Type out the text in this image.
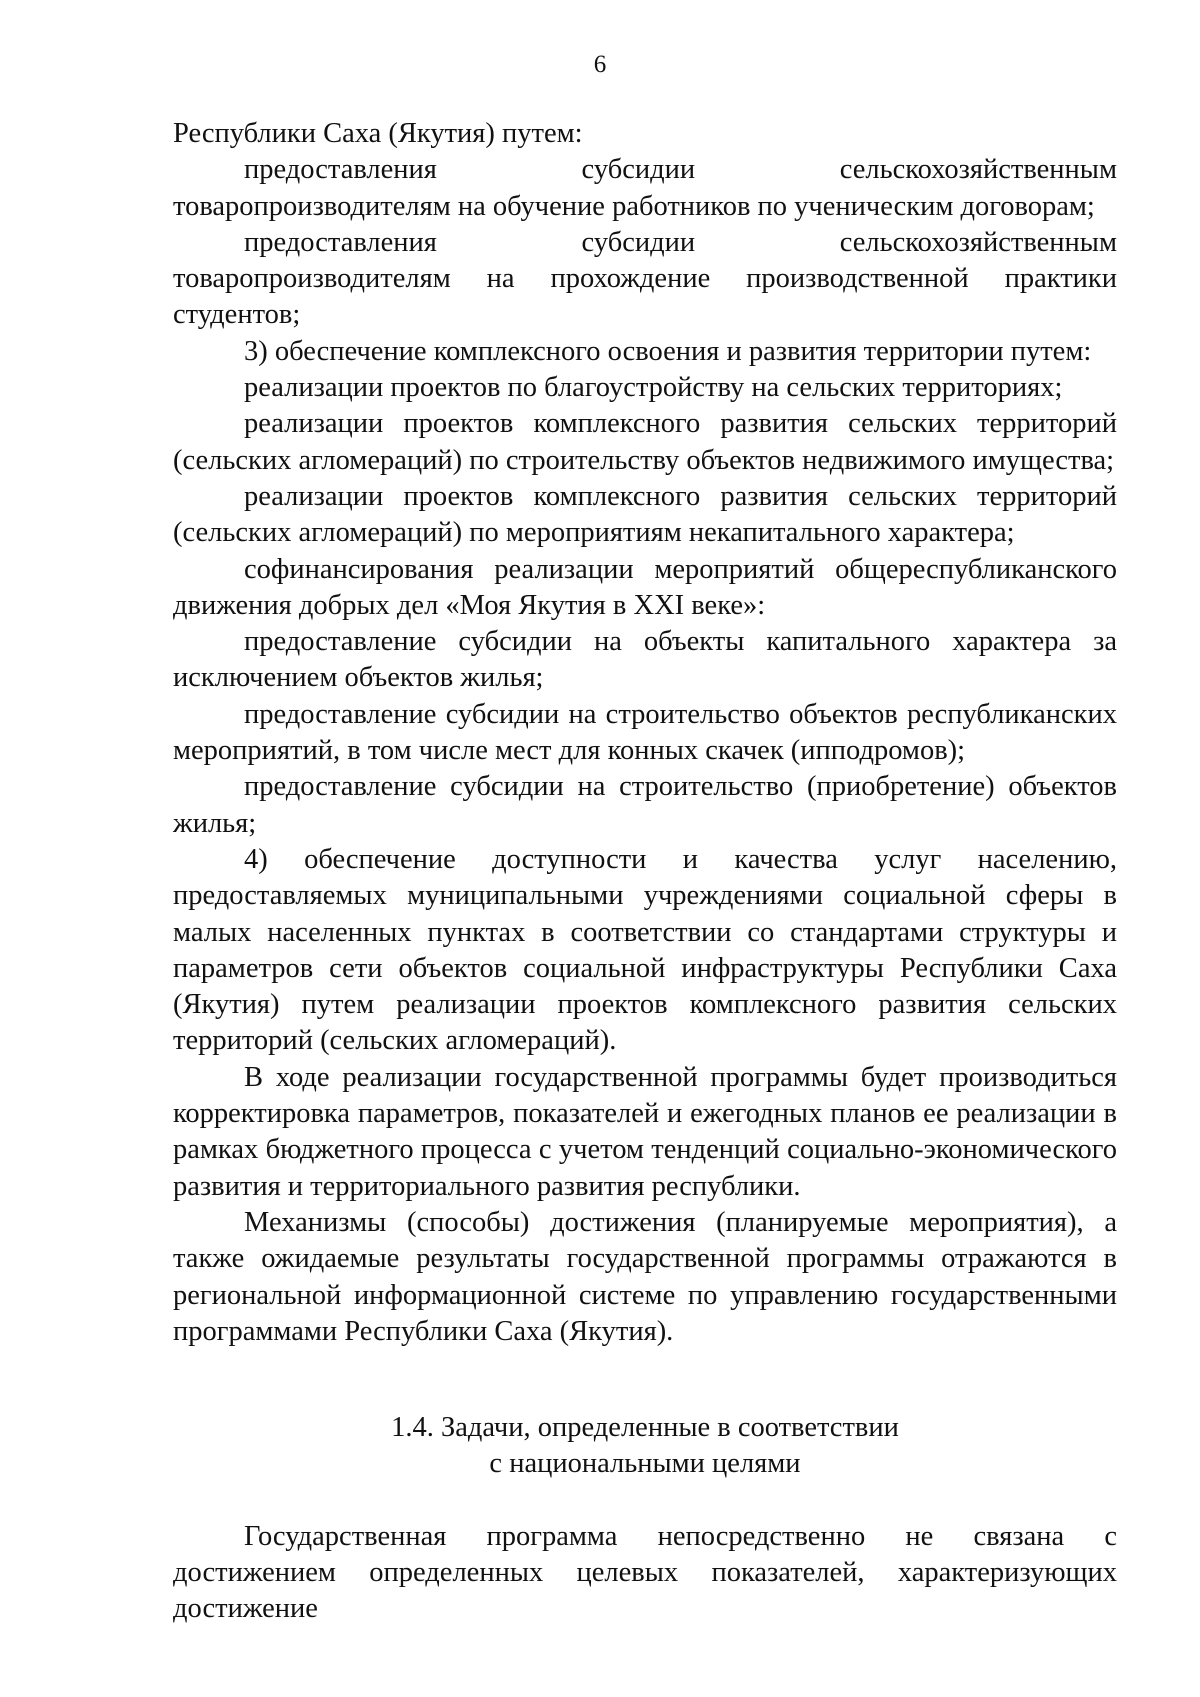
6

Республики Саха (Якутия) путем:

предоставления субсидии сельскохозяйственным товаропроизводителям на обучение работников по ученическим договорам;

предоставления субсидии сельскохозяйственным товаропроизводителям на прохождение производственной практики студентов;

3) обеспечение комплексного освоения и развития территории путем:

реализации проектов по благоустройству на сельских территориях;

реализации проектов комплексного развития сельских территорий (сельских агломераций) по строительству объектов недвижимого имущества;

реализации проектов комплексного развития сельских территорий (сельских агломераций) по мероприятиям некапитального характера;

софинансирования реализации мероприятий общереспубликанского движения добрых дел «Моя Якутия в XXI веке»:

предоставление субсидии на объекты капитального характера за исключением объектов жилья;

предоставление субсидии на строительство объектов республиканских мероприятий, в том числе мест для конных скачек (ипподромов);

предоставление субсидии на строительство (приобретение) объектов жилья;

4) обеспечение доступности и качества услуг населению, предоставляемых муниципальными учреждениями социальной сферы в малых населенных пунктах в соответствии со стандартами структуры и параметров сети объектов социальной инфраструктуры Республики Саха (Якутия) путем реализации проектов комплексного развития сельских территорий (сельских агломераций).

В ходе реализации государственной программы будет производиться корректировка параметров, показателей и ежегодных планов ее реализации в рамках бюджетного процесса с учетом тенденций социально-экономического развития и территориального развития республики.

Механизмы (способы) достижения (планируемые мероприятия), а также ожидаемые результаты государственной программы отражаются в региональной информационной системе по управлению государственными программами Республики Саха (Якутия).

1.4. Задачи, определенные в соответствии
с национальными целями

Государственная программа непосредственно не связана с достижением определенных целевых показателей, характеризующих достижение
